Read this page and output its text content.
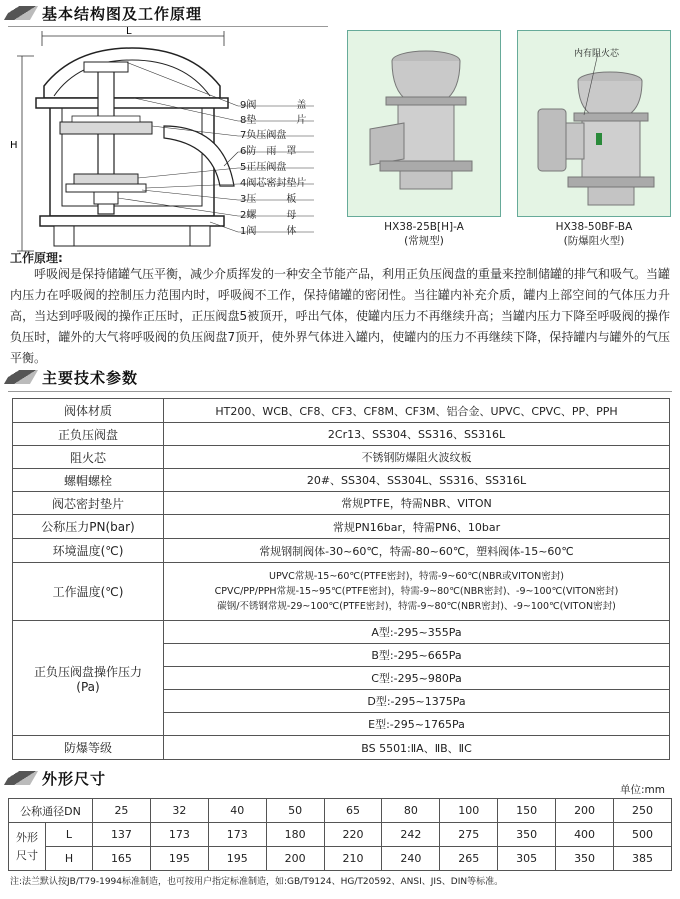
基本结构图及工作原理
L
H
9阀　　　　盖
8垫　　　　片
7负压阀盘
6防　雨　罩
5正压阀盘
4阀芯密封垫片
3压　　　板
2螺　　　母
1阀　　　体	HX38-25B[H]-A
(常规型)
内有阻火芯
HX38-50BF-BA
(防爆阻火型)
工作原理:
呼吸阀是保持储罐气压平衡，减少介质挥发的一种安全节能产品，利用正负压阀盘的重量来控制储罐的排气和吸气。当罐内压力在呼吸阀的控制压力范围内时，呼吸阀不工作，保持储罐的密闭性。当往罐内补充介质，罐内上部空间的气体压力升高，当达到呼吸阀的操作正压时，正压阀盘5被顶开，呼出气体，使罐内压力不再继续升高；当罐内压力下降至呼吸阀的操作负压时，罐外的大气将呼吸阀的负压阀盘7顶开，使外界气体进入罐内，使罐内的压力不再继续下降，保持罐内与罐外的气压平衡。
主要技术参数
阀体材质	HT200、WCB、CF8、CF3、CF8M、CF3M、铝合金、UPVC、CPVC、PP、PPH
正负压阀盘	2Cr13、SS304、SS316、SS316L
阻火芯	不锈钢防爆阻火波纹板
螺帽螺栓	20#、SS304、SS304L、SS316、SS316L
阀芯密封垫片	常规PTFE，特需NBR、VITON
公称压力PN(bar)	常规PN16bar，特需PN6、10bar
环境温度(℃)	常规钢制阀体-30~60℃，特需-80~60℃，塑料阀体-15~60℃
工作温度(℃)	UPVC常规-15~60℃(PTFE密封)，特需-9~60℃(NBR或VITON密封)
CPVC/PP/PPH常规-15~95℃(PTFE密封)，特需-9~80℃(NBR密封)、-9~100℃(VITON密封)
碳钢/不锈钢常规-29~100℃(PTFE密封)，特需-9~80℃(NBR密封)、-9~100℃(VITON密封)

正负压阀盘操作压力
(Pa)	A型:-295~355Pa
	B型:-295~665Pa
	C型:-295~980Pa
	D型:-295~1375Pa
	E型:-295~1765Pa
防爆等级	BS 5501:ⅡA、ⅡB、ⅡC
外形尺寸
单位:mm
公称通径DN		25	32	40	50	65	80	100	150	200	250

外形
尺寸	L	137	173	173	180	220	242	275	350	400	500
	H	165	195	195	200	210	240	265	305	350	385
注:法兰默认按JB/T79-1994标准制造，也可按用户指定标准制造，如:GB/T9124、HG/T20592、ANSI、JIS、DIN等标准。
